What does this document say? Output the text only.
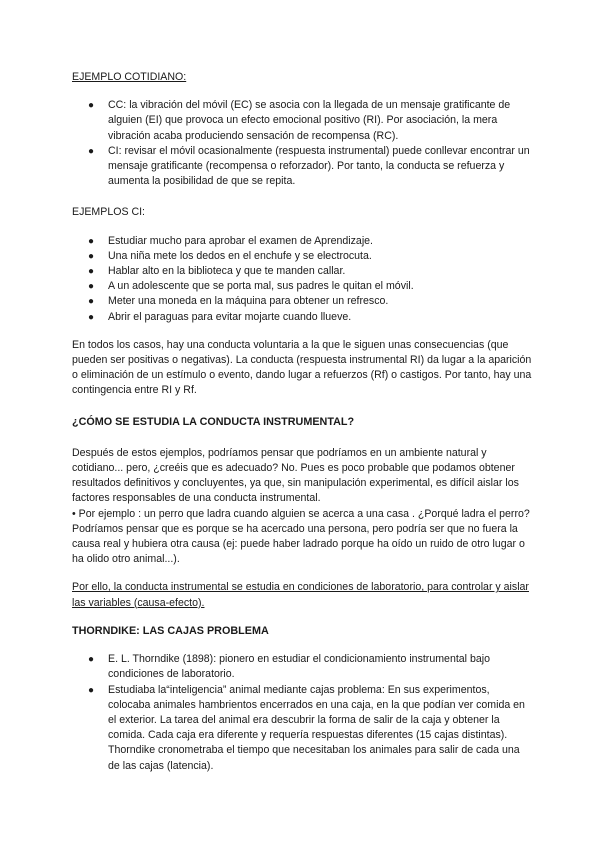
EJEMPLO COTIDIANO:

● CC: la vibración del móvil (EC) se asocia con la llegada de un mensaje gratificante de alguien (EI) que provoca un efecto emocional positivo (RI). Por asociación, la mera vibración acaba produciendo sensación de recompensa (RC).
● CI: revisar el móvil ocasionalmente (respuesta instrumental) puede conllevar encontrar un mensaje gratificante (recompensa o reforzador). Por tanto, la conducta se refuerza y aumenta la posibilidad de que se repita.

EJEMPLOS CI:

● Estudiar mucho para aprobar el examen de Aprendizaje.
● Una niña mete los dedos en el enchufe y se electrocuta.
● Hablar alto en la biblioteca y que te manden callar.
● A un adolescente que se porta mal, sus padres le quitan el móvil.
● Meter una moneda en la máquina para obtener un refresco.
● Abrir el paraguas para evitar mojarte cuando llueve.

En todos los casos, hay una conducta voluntaria a la que le siguen unas consecuencias (que pueden ser positivas o negativas). La conducta (respuesta instrumental RI) da lugar a la aparición o eliminación de un estímulo o evento, dando lugar a refuerzos (Rf) o castigos. Por tanto, hay una contingencia entre RI y Rf.

¿CÓMO SE ESTUDIA LA CONDUCTA INSTRUMENTAL?

Después de estos ejemplos, podríamos pensar que podríamos en un ambiente natural y cotidiano... pero, ¿creéis que es adecuado? No. Pues es poco probable que podamos obtener resultados definitivos y concluyentes, ya que, sin manipulación experimental, es difícil aislar los factores responsables de una conducta instrumental.

• Por ejemplo : un perro que ladra cuando alguien se acerca a una casa . ¿Porqué ladra el perro? Podríamos pensar que es porque se ha acercado una persona, pero podría ser que no fuera la causa real y hubiera otra causa (ej: puede haber ladrado porque ha oído un ruido de otro lugar o ha olido otro animal...).

Por ello, la conducta instrumental se estudia en condiciones de laboratorio, para controlar y aislar las variables (causa-efecto).

THORNDIKE: LAS CAJAS PROBLEMA

● E. L. Thorndike (1898): pionero en estudiar el condicionamiento instrumental bajo condiciones de laboratorio.
● Estudiaba la“inteligencia” animal mediante cajas problema: En sus experimentos, colocaba animales hambrientos encerrados en una caja, en la que podían ver comida en el exterior. La tarea del animal era descubrir la forma de salir de la caja y obtener la comida. Cada caja era diferente y requería respuestas diferentes (15 cajas distintas). Thorndike cronometraba el tiempo que necesitaban los animales para salir de cada una de las cajas (latencia).
